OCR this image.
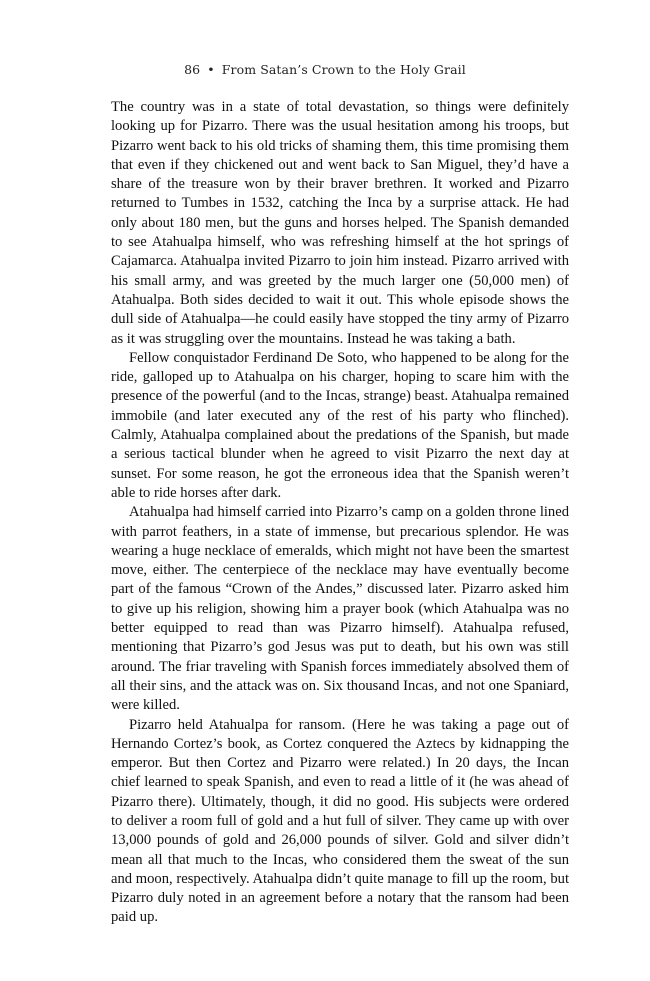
86 • From Satan’s Crown to the Holy Grail

The country was in a state of total devastation, so things were definitely looking up for Pizarro. There was the usual hesitation among his troops, but Pizarro went back to his old tricks of shaming them, this time promising them that even if they chickened out and went back to San Miguel, they’d have a share of the treasure won by their braver brethren. It worked and Pizarro returned to Tumbes in 1532, catching the Inca by a surprise attack. He had only about 180 men, but the guns and horses helped. The Spanish demanded to see Atahualpa himself, who was refreshing himself at the hot springs of Cajamarca. Atahualpa invited Pizarro to join him instead. Pizarro arrived with his small army, and was greeted by the much larger one (50,000 men) of Atahualpa. Both sides decided to wait it out. This whole episode shows the dull side of Atahualpa—he could easily have stopped the tiny army of Pizarro as it was struggling over the mountains. Instead he was taking a bath.

Fellow conquistador Ferdinand De Soto, who happened to be along for the ride, galloped up to Atahualpa on his charger, hoping to scare him with the presence of the powerful (and to the Incas, strange) beast. Atahualpa remained immobile (and later executed any of the rest of his party who flinched). Calmly, Atahualpa complained about the predations of the Spanish, but made a serious tactical blunder when he agreed to visit Pizarro the next day at sunset. For some reason, he got the erroneous idea that the Spanish weren’t able to ride horses after dark.

Atahualpa had himself carried into Pizarro’s camp on a golden throne lined with parrot feathers, in a state of immense, but precarious splendor. He was wearing a huge necklace of emeralds, which might not have been the smartest move, either. The centerpiece of the necklace may have eventually become part of the famous “Crown of the Andes,” discussed later. Pizarro asked him to give up his religion, showing him a prayer book (which Atahualpa was no better equipped to read than was Pizarro himself). Atahualpa refused, mentioning that Pizarro’s god Jesus was put to death, but his own was still around. The friar traveling with Spanish forces immediately absolved them of all their sins, and the attack was on. Six thousand Incas, and not one Spaniard, were killed.

Pizarro held Atahualpa for ransom. (Here he was taking a page out of Hernando Cortez’s book, as Cortez conquered the Aztecs by kidnapping the emperor. But then Cortez and Pizarro were related.) In 20 days, the Incan chief learned to speak Spanish, and even to read a little of it (he was ahead of Pizarro there). Ultimately, though, it did no good. His subjects were ordered to deliver a room full of gold and a hut full of silver. They came up with over 13,000 pounds of gold and 26,000 pounds of silver. Gold and silver didn’t mean all that much to the Incas, who considered them the sweat of the sun and moon, respectively. Atahualpa didn’t quite manage to fill up the room, but Pizarro duly noted in an agreement before a notary that the ransom had been paid up.
